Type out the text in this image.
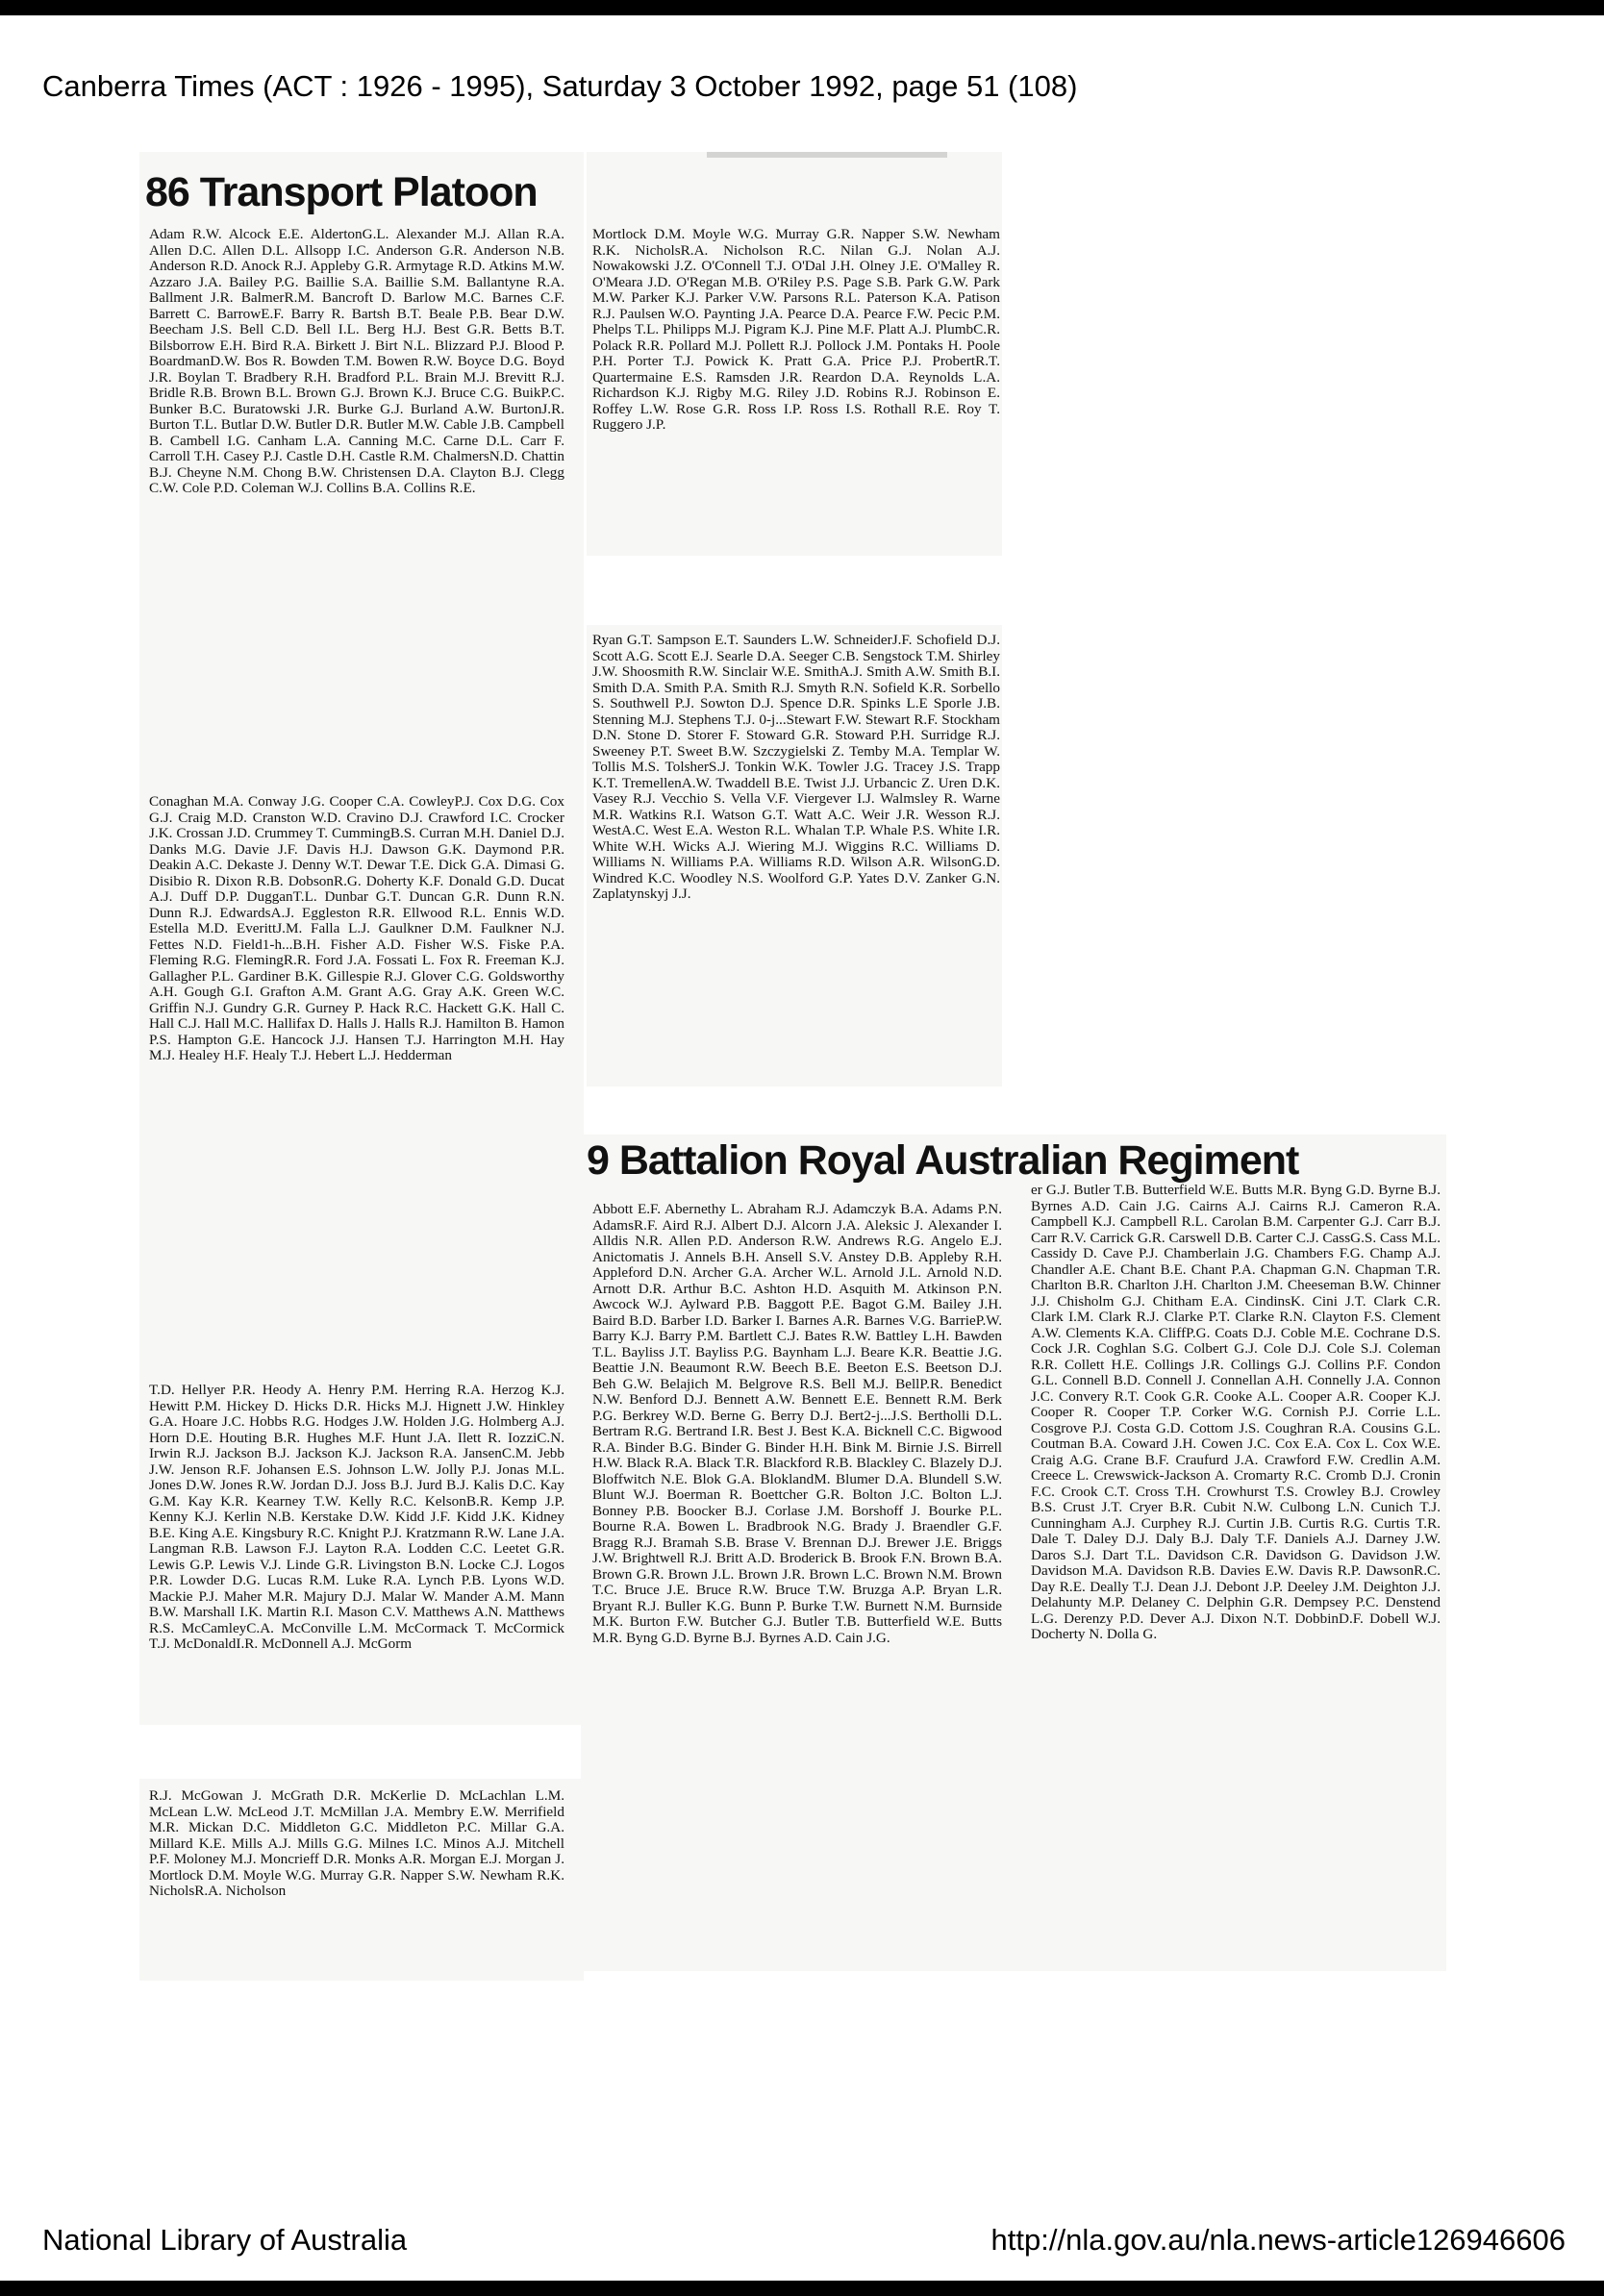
Canberra Times (ACT : 1926 - 1995), Saturday 3 October 1992, page 51 (108)
86 Transport Platoon
Adam R.W. Alcock E.E. AldertonG.L. Alexander M.J. Allan R.A. Allen D.C. Allen D.L. Allsopp I.C. Anderson G.R. Anderson N.B. Anderson R.D. Anock R.J. Appleby G.R. Armytage R.D. Atkins M.W. Azzaro J.A. Bailey P.G. Baillie S.A. Baillie S.M. Ballantyne R.A. Ballment J.R. BalmerR.M. Bancroft D. Barlow M.C. Barnes C.F. Barrett C. BarrowE.F. Barry R. Bartsh B.T. Beale P.B. Bear D.W. Beecham J.S. Bell C.D. Bell I.L. Berg H.J. Best G.R. Betts B.T. Bilsborrow E.H. Bird R.A. Birkett J. Birt N.L. Blizzard P.J. Blood P. BoardmanD.W. Bos R. Bowden T.M. Bowen R.W. Boyce D.G. Boyd J.R. Boylan T. Bradbery R.H. Bradford P.L. Brain M.J. Brevitt R.J. Bridle R.B. Brown B.L. Brown G.J. Brown K.J. Bruce C.G. BuikP.C. Bunker B.C. Buratowski J.R. Burke G.J. Burland A.W. BurtonJ.R. Burton T.L. Butlar D.W. Butler D.R. Butler M.W. Cable J.B. Campbell B. Cambell I.G. Canham L.A. Canning M.C. Carne D.L. Carr F. Carroll T.H. Casey P.J. Castle D.H. Castle R.M. ChalmersN.D. Chattin B.J. Cheyne N.M. Chong B.W. Christensen D.A. Clayton B.J. Clegg C.W. Cole P.D. Coleman W.J. Collins B.A. Collins R.E.
Conaghan M.A. Conway J.G. Cooper C.A. CowleyP.J. Cox D.G. Cox G.J. Craig M.D. Cranston W.D. Cravino D.J. Crawford I.C. Crocker J.K. Crossan J.D. Crummey T. CummingB.S. Curran M.H. Daniel D.J. Danks M.G. Davie J.F. Davis H.J. Dawson G.K. Daymond P.R. Deakin A.C. Dekaste J. Denny W.T. Dewar T.E. Dick G.A. Dimasi G. Disibio R. Dixon R.B. DobsonR.G. Doherty K.F. Donald G.D. Ducat A.J. Duff D.P. DugganT.L. Dunbar G.T. Duncan G.R. Dunn R.N. Dunn R.J. EdwardsA.J. Eggleston R.R. Ellwood R.L. Ennis W.D. Estella M.D. EverittJ.M. Falla L.J. Gaulkner D.M. Faulkner N.J. Fettes N.D. Field1-h...B.H. Fisher A.D. Fisher W.S. Fiske P.A. Fleming R.G. FlemingR.R. Ford J.A. Fossati L. Fox R. Freeman K.J. Gallagher P.L. Gardiner B.K. Gillespie R.J. Glover C.G. Goldsworthy A.H. Gough G.I. Grafton A.M. Grant A.G. Gray A.K. Green W.C. Griffin N.J. Gundry G.R. Gurney P. Hack R.C. Hackett G.K. Hall C. Hall C.J. Hall M.C. Hallifax D. Halls J. Halls R.J. Hamilton B. Hamon P.S. Hampton G.E. Hancock J.J. Hansen T.J. Harrington M.H. Hay M.J. Healey H.F. Healy T.J. Hebert L.J. Hedderman
T.D. Hellyer P.R. Heody A. Henry P.M. Herring R.A. Herzog K.J. Hewitt P.M. Hickey D. Hicks D.R. Hicks M.J. Hignett J.W. Hinkley G.A. Hoare J.C. Hobbs R.G. Hodges J.W. Holden J.G. Holmberg A.J. Horn D.E. Houting B.R. Hughes M.F. Hunt J.A. Ilett R. IozziC.N. Irwin R.J. Jackson B.J. Jackson K.J. Jackson R.A. JansenC.M. Jebb J.W. Jenson R.F. Johansen E.S. Johnson L.W. Jolly P.J. Jonas M.L. Jones D.W. Jones R.W. Jordan D.J. Joss B.J. Jurd B.J. Kalis D.C. Kay G.M. Kay K.R. Kearney T.W. Kelly R.C. KelsonB.R. Kemp J.P. Kenny K.J. Kerlin N.B. Kerstake D.W. Kidd J.F. Kidd J.K. Kidney B.E. King A.E. Kingsbury R.C. Knight P.J. Kratzmann R.W. Lane J.A. Langman R.B. Lawson F.J. Layton R.A. Lodden C.C. Leetet G.R. Lewis G.P. Lewis V.J. Linde G.R. Livingston B.N. Locke C.J. Logos P.R. Lowder D.G. Lucas R.M. Luke R.A. Lynch P.B. Lyons W.D. Mackie P.J. Maher M.R. Majury D.J. Malar W. Mander A.M. Mann B.W. Marshall I.K. Martin R.I. Mason C.V. Matthews A.N. Matthews R.S. McCamleyC.A. McConville L.M. McCormack T. McCormick T.J. McDonaldI.R. McDonnell A.J. McGorm
R.J. McGowan J. McGrath D.R. McKerlie D. McLachlan L.M. McLean L.W. McLeod J.T. McMillan J.A. Membry E.W. Merrifield M.R. Mickan D.C. Middleton G.C. Middleton P.C. Millar G.A. Millard K.E. Mills A.J. Mills G.G. Milnes I.C. Minos A.J. Mitchell P.F. Moloney M.J. Moncrieff D.R. Monks A.R. Morgan E.J. Morgan J. Mortlock D.M. Moyle W.G. Murray G.R. Napper S.W. Newham R.K. NicholsR.A. Nicholson
Mortlock D.M. Moyle W.G. Murray G.R. Napper S.W. Newham R.K. NicholsR.A. Nicholson R.C. Nilan G.J. Nolan A.J. Nowakowski J.Z. O'Connell T.J. O'Dal J.H. Olney J.E. O'Malley R. O'Meara J.D. O'Regan M.B. O'Riley P.S. Page S.B. Park G.W. Park M.W. Parker K.J. Parker V.W. Parsons R.L. Paterson K.A. Patison R.J. Paulsen W.O. Paynting J.A. Pearce D.A. Pearce F.W. Pecic P.M. Phelps T.L. Philipps M.J. Pigram K.J. Pine M.F. Platt A.J. PlumbC.R. Polack R.R. Pollard M.J. Pollett R.J. Pollock J.M. Pontaks H. Poole P.H. Porter T.J. Powick K. Pratt G.A. Price P.J. ProbertR.T. Quartermaine E.S. Ramsden J.R. Reardon D.A. Reynolds L.A. Richardson K.J. Rigby M.G. Riley J.D. Robins R.J. Robinson E. Roffey L.W. Rose G.R. Ross I.P. Ross I.S. Rothall R.E. Roy T. Ruggero J.P.
Ryan G.T. Sampson E.T. Saunders L.W. SchneiderJ.F. Schofield D.J. Scott A.G. Scott E.J. Searle D.A. Seeger C.B. Sengstock T.M. Shirley J.W. Shoosmith R.W. Sinclair W.E. SmithA.J. Smith A.W. Smith B.I. Smith D.A. Smith P.A. Smith R.J. Smyth R.N. Sofield K.R. Sorbello S. Southwell P.J. Sowton D.J. Spence D.R. Spinks L.E Sporle J.B. Stenning M.J. Stephens T.J. 0-j...Stewart F.W. Stewart R.F. Stockham D.N. Stone D. Storer F. Stoward G.R. Stoward P.H. Surridge R.J. Sweeney P.T. Sweet B.W. Szczygielski Z. Temby M.A. Templar W. Tollis M.S. TolsherS.J. Tonkin W.K. Towler J.G. Tracey J.S. Trapp K.T. TremellenA.W. Twaddell B.E. Twist J.J. Urbancic Z. Uren D.K. Vasey R.J. Vecchio S. Vella V.F. Viergever I.J. Walmsley R. Warne M.R. Watkins R.I. Watson G.T. Watt A.C. Weir J.R. Wesson R.J. WestA.C. West E.A. Weston R.L. Whalan T.P. Whale P.S. White I.R. White W.H. Wicks A.J. Wiering M.J. Wiggins R.C. Williams D. Williams N. Williams P.A. Williams R.D. Wilson A.R. WilsonG.D. Windred K.C. Woodley N.S. Woolford G.P. Yates D.V. Zanker G.N. Zaplatynskyj J.J.
9 Battalion Royal Australian Regiment
Abbott E.F. Abernethy L. Abraham R.J. Adamczyk B.A. Adams P.N. AdamsR.F. Aird R.J. Albert D.J. Alcorn J.A. Aleksic J. Alexander I. Alldis N.R. Allen P.D. Anderson R.W. Andrews R.G. Angelo E.J. Anictomatis J. Annels B.H. Ansell S.V. Anstey D.B. Appleby R.H. Appleford D.N. Archer G.A. Archer W.L. Arnold J.L. Arnold N.D. Arnott D.R. Arthur B.C. Ashton H.D. Asquith M. Atkinson P.N. Awcock W.J. Aylward P.B. Baggott P.E. Bagot G.M. Bailey J.H. Baird B.D. Barber I.D. Barker I. Barnes A.R. Barnes V.G. BarrieP.W. Barry K.J. Barry P.M. Bartlett C.J. Bates R.W. Battley L.H. Bawden T.L. Bayliss J.T. Bayliss P.G. Baynham L.J. Beare K.R. Beattie J.G. Beattie J.N. Beaumont R.W. Beech B.E. Beeton E.S. Beetson D.J. Beh G.W. Belajich M. Belgrove R.S. Bell M.J. BellP.R. Benedict N.W. Benford D.J. Bennett A.W. Bennett E.E. Bennett R.M. Berk P.G. Berkrey W.D. Berne G. Berry D.J. Bert2-j...J.S. Bertholli D.L. Bertram R.G. Bertrand I.R. Best J. Best K.A. Bicknell C.C. Bigwood R.A. Binder B.G. Binder G. Binder H.H. Bink M. Birnie J.S. Birrell H.W. Black R.A. Black T.R. Blackford R.B. Blackley C. Blazely D.J. Bloffwitch N.E. Blok G.A. BloklandM. Blumer D.A. Blundell S.W. Blunt W.J. Boerman R. Boettcher G.R. Bolton J.C. Bolton L.J. Bonney P.B. Boocker B.J. Corlase J.M. Borshoff J. Bourke P.L. Bourne R.A. Bowen L. Bradbrook N.G. Brady J. Braendler G.F. Bragg R.J. Bramah S.B. Brase V. Brennan D.J. Brewer J.E. Briggs J.W. Brightwell R.J. Britt A.D. Broderick B. Brook F.N. Brown B.A. Brown G.R. Brown J.L. Brown J.R. Brown L.C. Brown N.M. Brown T.C. Bruce J.E. Bruce R.W. Bruce T.W. Bruzga A.P. Bryan L.R. Bryant R.J. Buller K.G. Bunn P. Burke T.W. Burnett N.M. Burnside M.K. Burton F.W. Butcher G.J. Butler T.B. Butterfield W.E. Butts M.R. Byng G.D. Byrne B.J. Byrnes A.D. Cain J.G.
er G.J. Butler T.B. Butterfield W.E. Butts M.R. Byng G.D. Byrne B.J. Byrnes A.D. Cain J.G. Cairns A.J. Cairns R.J. Cameron R.A. Campbell K.J. Campbell R.L. Carolan B.M. Carpenter G.J. Carr B.J. Carr R.V. Carrick G.R. Carswell D.B. Carter C.J. CassG.S. Cass M.L. Cassidy D. Cave P.J. Chamberlain J.G. Chambers F.G. Champ A.J. Chandler A.E. Chant B.E. Chant P.A. Chapman G.N. Chapman T.R. Charlton B.R. Charlton J.H. Charlton J.M. Cheeseman B.W. Chinner J.J. Chisholm G.J. Chitham E.A. CindinsK. Cini J.T. Clark C.R. Clark I.M. Clark R.J. Clarke P.T. Clarke R.N. Clayton F.S. Clement A.W. Clements K.A. CliffP.G. Coats D.J. Coble M.E. Cochrane D.S. Cock J.R. Coghlan S.G. Colbert G.J. Cole D.J. Cole S.J. Coleman R.R. Collett H.E. Collings J.R. Collings G.J. Collins P.F. Condon G.L. Connell B.D. Connell J. Connellan A.H. Connelly J.A. Connon J.C. Convery R.T. Cook G.R. Cooke A.L. Cooper A.R. Cooper K.J. Cooper R. Cooper T.P. Corker W.G. Cornish P.J. Corrie L.L. Cosgrove P.J. Costa G.D. Cottom J.S. Coughran R.A. Cousins G.L. Coutman B.A. Coward J.H. Cowen J.C. Cox E.A. Cox L. Cox W.E. Craig A.G. Crane B.F. Craufurd J.A. Crawford F.W. Credlin A.M. Creece L. Crewswick-Jackson A. Cromarty R.C. Cromb D.J. Cronin F.C. Crook C.T. Cross T.H. Crowhurst T.S. Crowley B.J. Crowley B.S. Crust J.T. Cryer B.R. Cubit N.W. Culbong L.N. Cunich T.J. Cunningham A.J. Curphey R.J. Curtin J.B. Curtis R.G. Curtis T.R. Dale T. Daley D.J. Daly B.J. Daly T.F. Daniels A.J. Darney J.W. Daros S.J. Dart T.L. Davidson C.R. Davidson G. Davidson J.W. Davidson M.A. Davidson R.B. Davies E.W. Davis R.P. DawsonR.C. Day R.E. Deally T.J. Dean J.J. Debont J.P. Deeley J.M. Deighton J.J. Delahunty M.P. Delaney C. Delphin G.R. Dempsey P.C. Denstend L.G. Derenzy P.D. Dever A.J. Dixon N.T. DobbinD.F. Dobell W.J. Docherty N. Dolla G.
National Library of Australia	http://nla.gov.au/nla.news-article126946606
